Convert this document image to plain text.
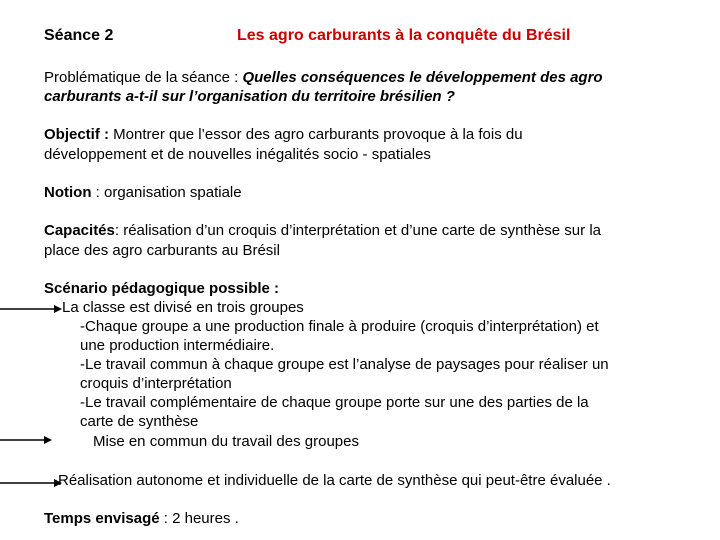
Séance 2	Les agro carburants à la conquête du Brésil
Problématique de la séance : Quelles conséquences le développement des agro
carburants a-t-il sur l’organisation du territoire brésilien ?
Objectif : Montrer que l’essor des agro carburants provoque à la fois du
développement et de nouvelles inégalités socio - spatiales
Notion : organisation spatiale
Capacités: réalisation d’un croquis d’interprétation et d’une carte de synthèse sur la
place des agro carburants au Brésil
Scénario pédagogique possible :
La classe est divisé en trois groupes
-Chaque groupe a une production finale à produire (croquis d’interprétation) et
une production intermédiaire.
-Le travail commun à chaque groupe est l’analyse de paysages pour réaliser un
croquis d’interprétation
-Le travail complémentaire de chaque groupe porte sur une des parties de la
carte de synthèse
Mise en commun du travail des groupes
Réalisation autonome et individuelle de la carte de synthèse qui peut-être évaluée .
Temps envisagé : 2 heures .
